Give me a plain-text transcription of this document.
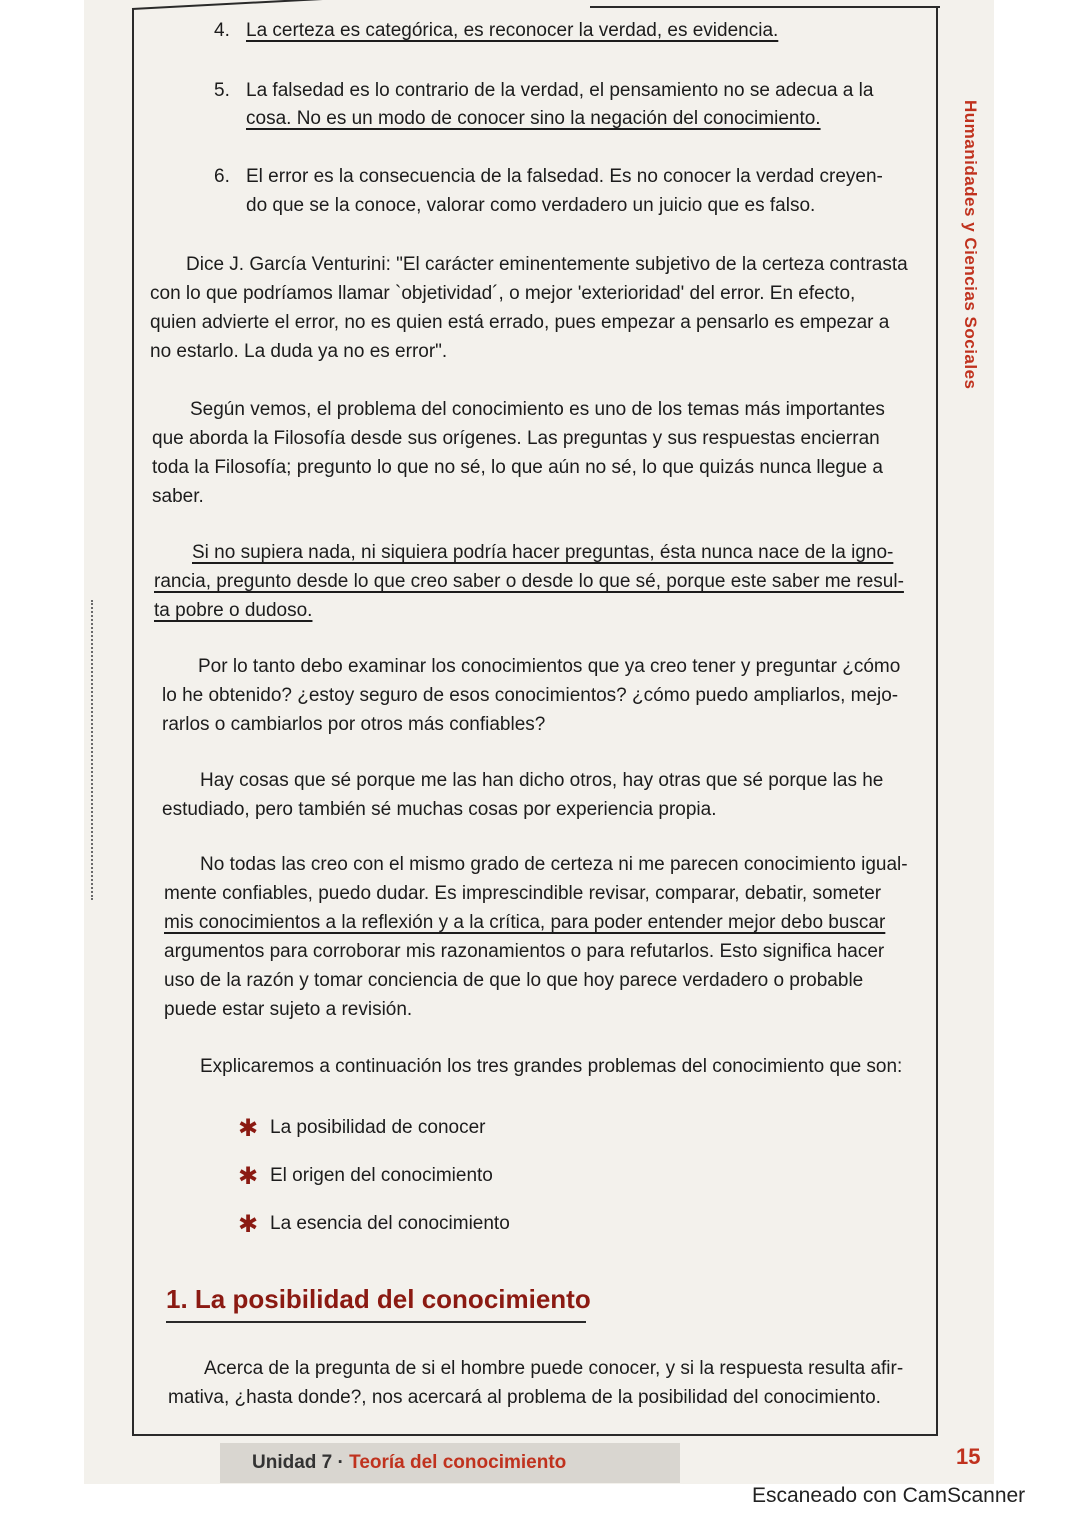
Humanidades y Ciencias Sociales
4. La certeza es categórica, es reconocer la verdad, es evidencia.
5. La falsedad es lo contrario de la verdad, el pensamiento no se adecua a la
cosa. No es un modo de conocer sino la negación del conocimiento.
6. El error es la consecuencia de la falsedad. Es no conocer la verdad creyen-
do que se la conoce, valorar como verdadero un juicio que es falso.
Dice J. García Venturini: "El carácter eminentemente subjetivo de la certeza contrasta
con lo que podríamos llamar `objetividad´, o mejor 'exterioridad' del error. En efecto,
quien advierte el error, no es quien está errado, pues empezar a pensarlo es empezar a
no estarlo. La duda ya no es error".
Según vemos, el problema del conocimiento es uno de los temas más importantes
que aborda la Filosofía desde sus orígenes. Las preguntas y sus respuestas encierran
toda la Filosofía; pregunto lo que no sé, lo que aún no sé, lo que quizás nunca llegue a
saber.
Si no supiera nada, ni siquiera podría hacer preguntas, ésta nunca nace de la igno-
rancia, pregunto desde lo que creo saber o desde lo que sé, porque este saber me resul-
ta pobre o dudoso.
Por lo tanto debo examinar los conocimientos que ya creo tener y preguntar ¿cómo
lo he obtenido? ¿estoy seguro de esos conocimientos? ¿cómo puedo ampliarlos, mejo-
rarlos o cambiarlos por otros más confiables?
Hay cosas que sé porque me las han dicho otros, hay otras que sé porque las he
estudiado, pero también sé muchas cosas por experiencia propia.
No todas las creo con el mismo grado de certeza ni me parecen conocimiento igual-
mente confiables, puedo dudar. Es imprescindible revisar, comparar, debatir, someter
mis conocimientos a la reflexión y a la crítica, para poder entender mejor debo buscar
argumentos para corroborar mis razonamientos o para refutarlos. Esto significa hacer
uso de la razón y tomar conciencia de que lo que hoy parece verdadero o probable
puede estar sujeto a revisión.
Explicaremos a continuación los tres grandes problemas del conocimiento que son:
✱ La posibilidad de conocer
✱ El origen del conocimiento
✱ La esencia del conocimiento
1. La posibilidad del conocimiento
Acerca de la pregunta de si el hombre puede conocer, y si la respuesta resulta afir-
mativa, ¿hasta donde?, nos acercará al problema de la posibilidad del conocimiento.
Unidad 7 · Teoría del conocimiento	15
Escaneado con CamScanner
